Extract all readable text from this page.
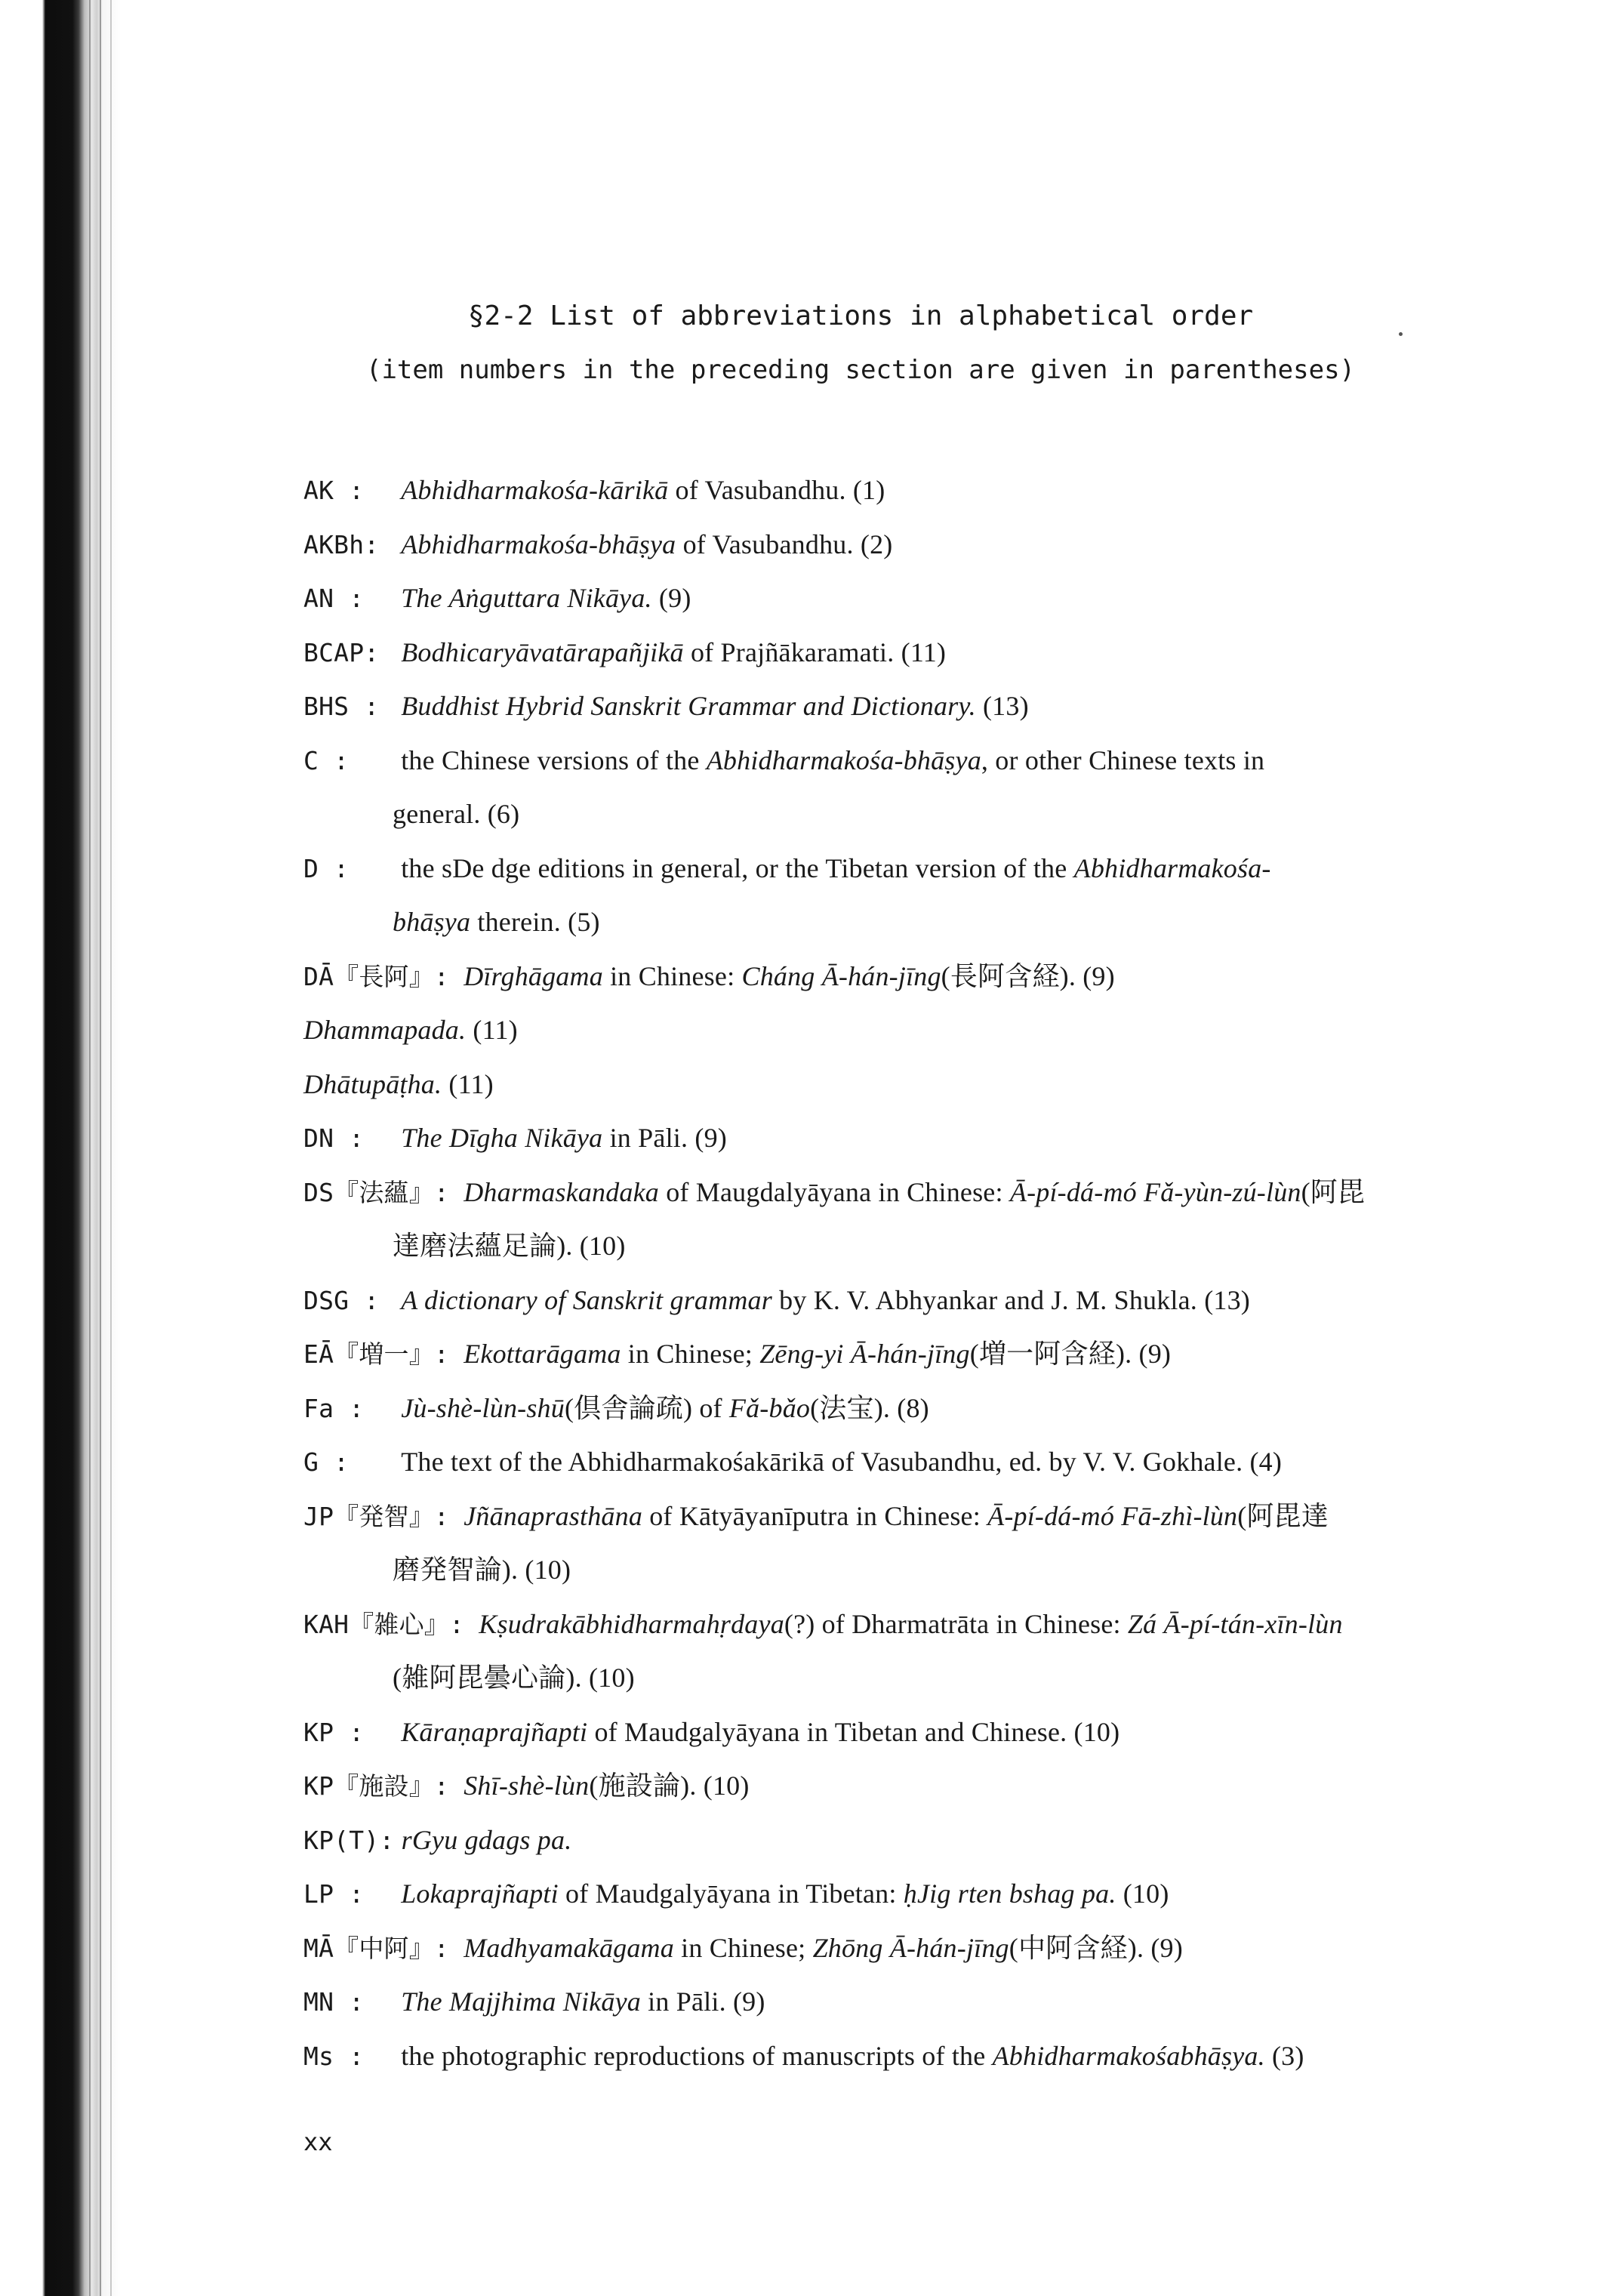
§2-2 List of abbreviations in alphabetical order
(item numbers in the preceding section are given in parentheses)
AK : Abhidharmakośa-kārikā of Vasubandhu. (1)
AKBh: Abhidharmakośa-bhāṣya of Vasubandhu. (2)
AN : The Aṅguttara Nikāya. (9)
BCAP: Bodhicaryāvatārapañjikā of Prajñākaramati. (11)
BHS : Buddhist Hybrid Sanskrit Grammar and Dictionary. (13)
C : the Chinese versions of the Abhidharmakośa-bhāṣya, or other Chinese texts in
general. (6)
D : the sDe dge editions in general, or the Tibetan version of the Abhidharmakośa-
bhāṣya therein. (5)
DĀ『長阿』: Dīrghāgama in Chinese: Cháng Ā-hán-jīng(長阿含経). (9)
Dhammapada. (11)
Dhātupāṭha. (11)
DN : The Dīgha Nikāya in Pāli. (9)
DS『法蘊』: Dharmaskandaka of Maugdalyāyana in Chinese: Ā-pí-dá-mó Fǎ-yùn-zú-lùn(阿毘
達磨法蘊足論). (10)
DSG : A dictionary of Sanskrit grammar by K. V. Abhyankar and J. M. Shukla. (13)
EĀ『増一』: Ekottarāgama in Chinese; Zēng-yi Ā-hán-jīng(増一阿含経). (9)
Fa : Jù-shè-lùn-shū(倶舎論疏) of Fǎ-bǎo(法宝). (8)
G : The text of the Abhidharmakośakārikā of Vasubandhu, ed. by V. V. Gokhale. (4)
JP『発智』: Jñānaprasthāna of Kātyāyanīputra in Chinese: Ā-pí-dá-mó Fā-zhì-lùn(阿毘達
磨発智論). (10)
KAH『雑心』: Kṣudrakābhidharmahṛdaya(?) of Dharmatrāta in Chinese: Zá Ā-pí-tán-xīn-lùn
(雑阿毘曇心論). (10)
KP : Kāraṇaprajñapti of Maudgalyāyana in Tibetan and Chinese. (10)
KP『施設』: Shī-shè-lùn(施設論). (10)
KP(T): rGyu gdags pa.
LP : Lokaprajñapti of Maudgalyāyana in Tibetan: ḥJig rten bshag pa. (10)
MĀ『中阿』: Madhyamakāgama in Chinese; Zhōng Ā-hán-jīng(中阿含経). (9)
MN : The Majjhima Nikāya in Pāli. (9)
Ms : the photographic reproductions of manuscripts of the Abhidharmakośabhāṣya. (3)
xx
